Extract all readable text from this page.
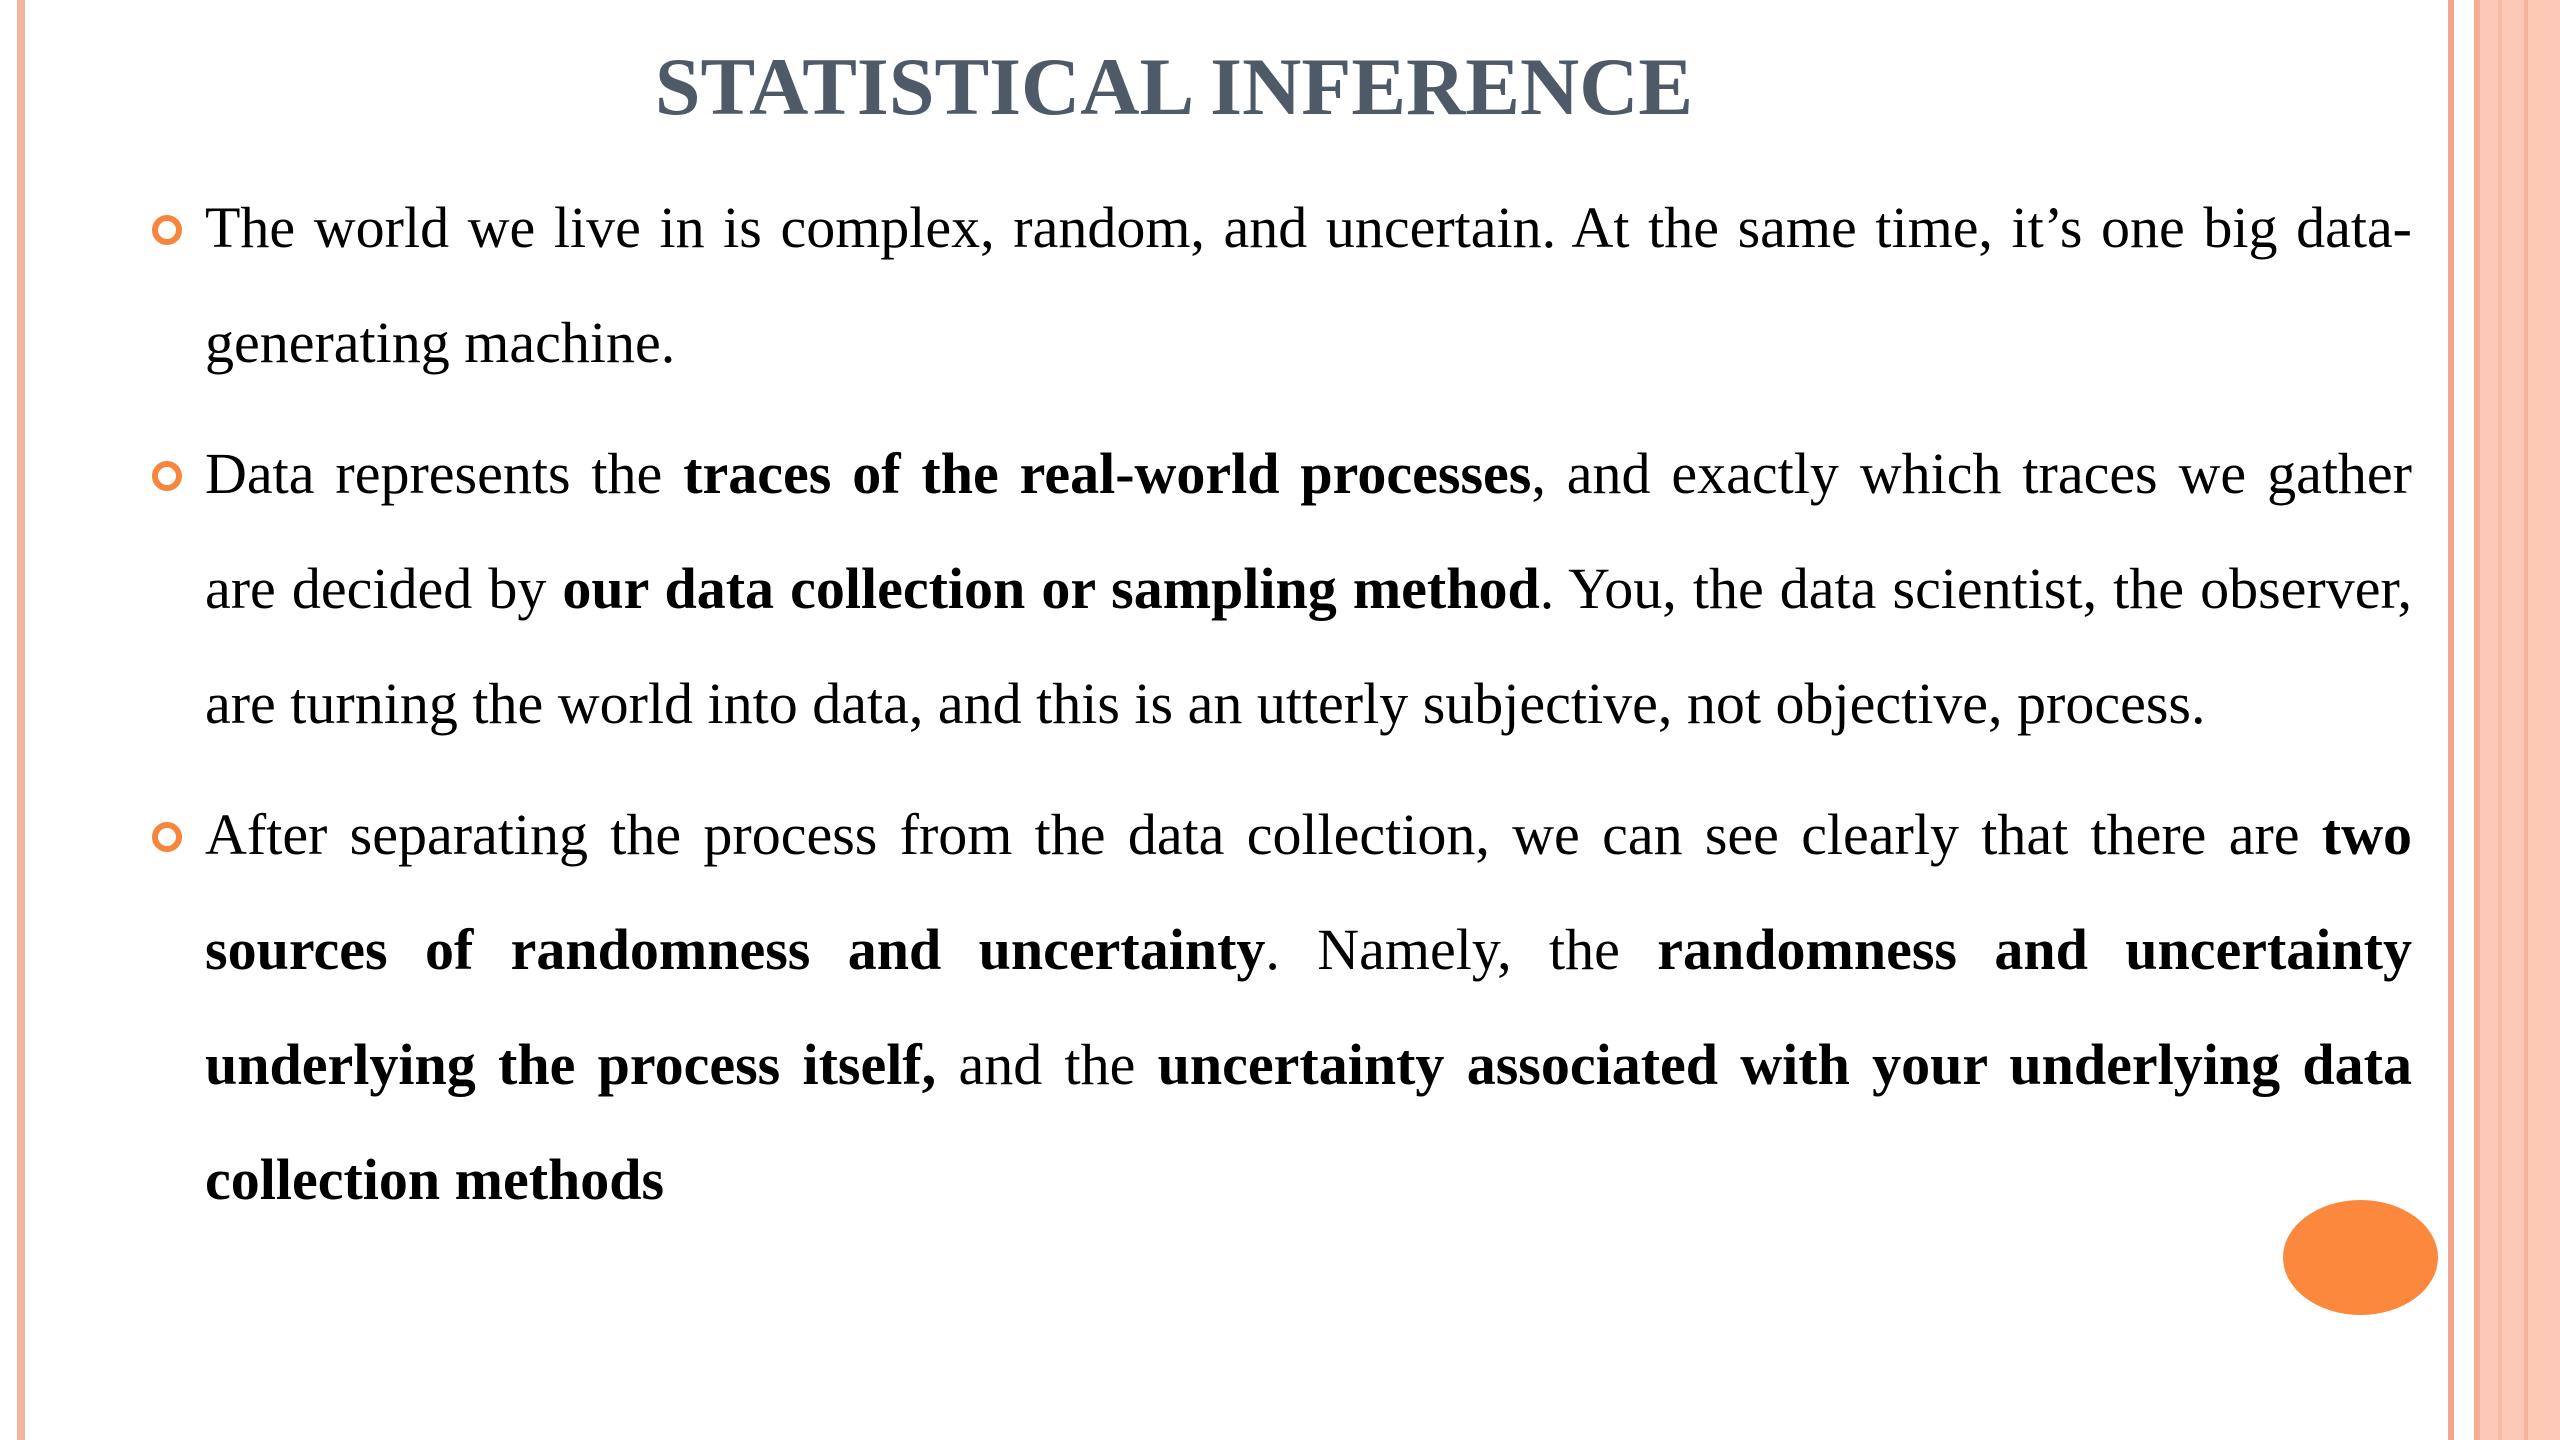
STATISTICAL INFERENCE
The world we live in is complex, random, and uncertain. At the same time, it’s one big data-generating machine.
Data represents the traces of the real-world processes, and exactly which traces we gather are decided by our data collection or sampling method. You, the data scientist, the observer, are turning the world into data, and this is an utterly subjective, not objective, process.
After separating the process from the data collection, we can see clearly that there are two sources of randomness and uncertainty. Namely, the randomness and uncertainty underlying the process itself, and the uncertainty associated with your underlying data collection methods
